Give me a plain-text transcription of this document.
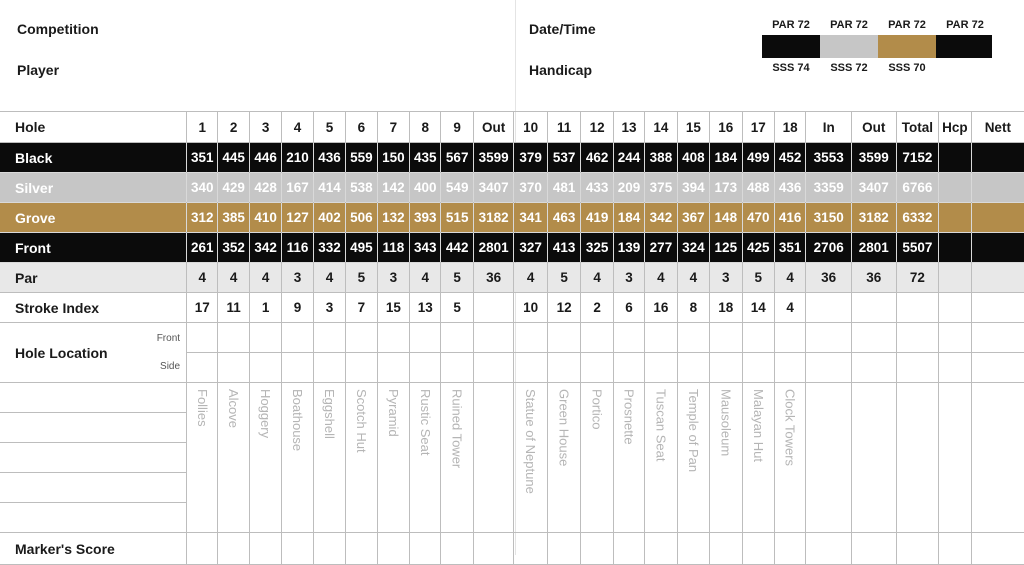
Competition
Player
Date/Time
Handicap
PAR 72	PAR 72	PAR 72	PAR 72
SSS 74	SSS 72	SSS 70
Hole	1	2	3	4	5	6	7	8	9	Out	10	11	12	13	14	15	16	17	18	In	Out	Total	Hcp	Nett
Black	351	445	446	210	436	559	150	435	567	3599	379	537	462	244	388	408	184	499	452	3553	3599	7152		
Silver	340	429	428	167	414	538	142	400	549	3407	370	481	433	209	375	394	173	488	436	3359	3407	6766		
Grove	312	385	410	127	402	506	132	393	515	3182	341	463	419	184	342	367	148	470	416	3150	3182	6332		
Front	261	352	342	116	332	495	118	343	442	2801	327	413	325	139	277	324	125	425	351	2706	2801	5507		
Par	4	4	4	3	4	5	3	4	5	36	4	5	4	3	4	4	3	5	4	36	36	72		
Stroke Index	17	11	1	9	3	7	15	13	5		10	12	2	6	16	8	18	14	4					
Hole Location
Front
Side																								

	Follies	Alcove	Hoggery	Boathouse	Eggshell	Scotch Hut	Pyramid	Rustic Seat	Ruined Tower		Statue of Neptune	Green House	Portico	Prosnette	Tuscan Seat	Temple of Pan	Mausoleum	Malayan Hut	Clock Towers					

Marker's Score																								
